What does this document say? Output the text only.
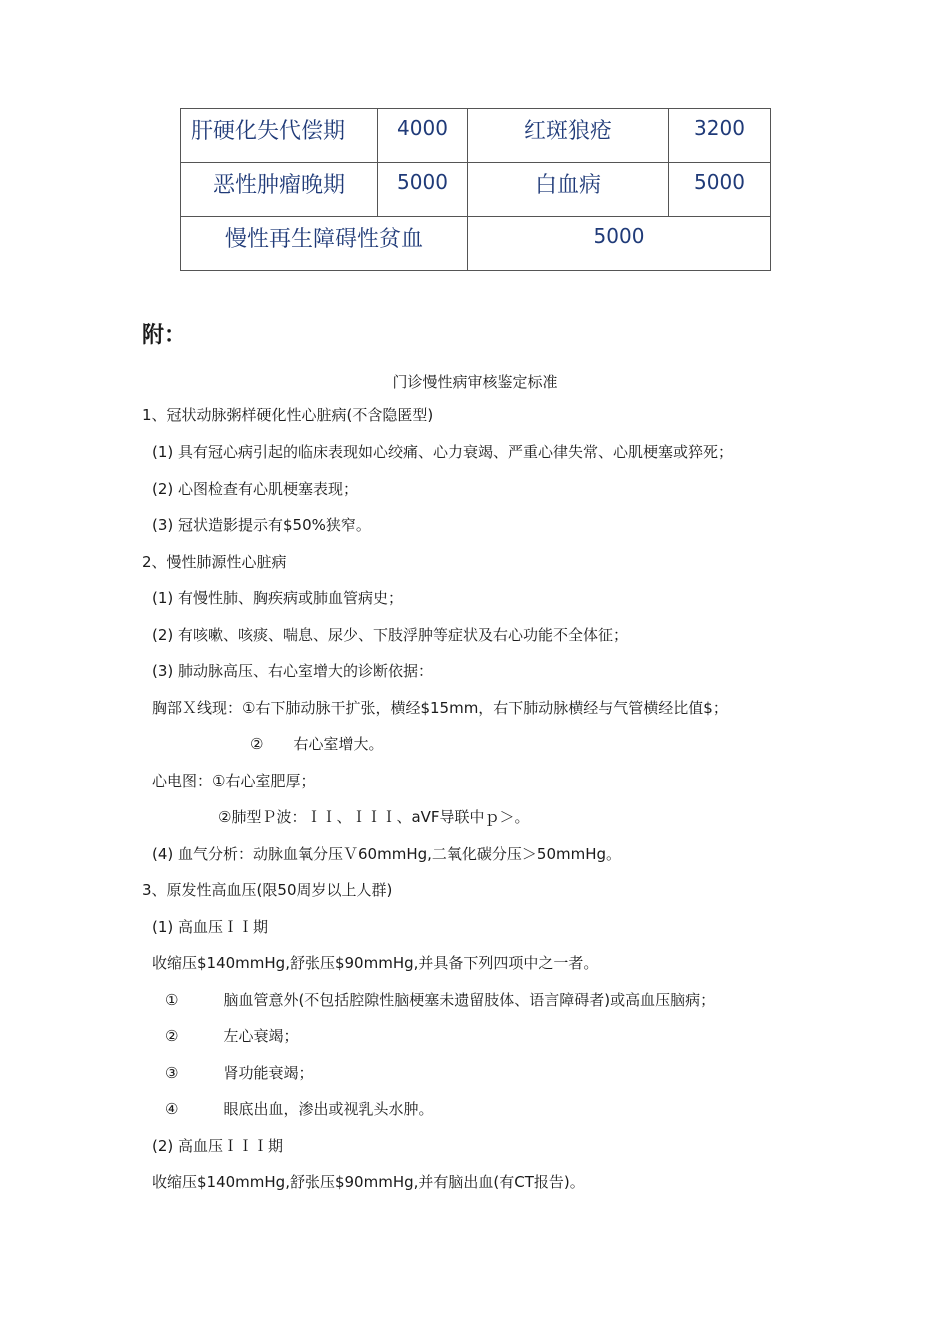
肝硬化失代偿期	4000	红斑狼疮	3200
恶性肿瘤晚期	5000	白血病	5000
慢性再生障碍性贫血		5000	
附：
门诊慢性病审核鉴定标准
1、冠状动脉粥样硬化性心脏病(不含隐匿型)
(1) 具有冠心病引起的临床表现如心绞痛、心力衰竭、严重心律失常、心肌梗塞或猝死；
(2) 心图检查有心肌梗塞表现；
(3) 冠状造影提示有$50%狭窄。
2、慢性肺源性心脏病
(1) 有慢性肺、胸疾病或肺血管病史；
(2) 有咳嗽、咳痰、喘息、尿少、下肢浮肿等症状及右心功能不全体征；
(3) 肺动脉高压、右心室增大的诊断依据：
胸部Ｘ线现：①右下肺动脉干扩张，横经$15mm，右下肺动脉横经与气管横经比值$；
②　　右心室增大。
心电图：①右心室肥厚；
②肺型Ｐ波：ＩＩ、ＩＩＩ、aVF导联中ｐ＞。
(4) 血气分析：动脉血氧分压Ｖ60mmHg,二氧化碳分压＞50mmHg。
3、原发性高血压(限50周岁以上人群)
(1) 高血压ＩＩ期
收缩压$140mmHg,舒张压$90mmHg,并具备下列四项中之一者。
①　　　脑血管意外(不包括腔隙性脑梗塞未遗留肢体、语言障碍者)或高血压脑病；
②　　　左心衰竭；
③　　　肾功能衰竭；
④　　　眼底出血，渗出或视乳头水肿。
(2) 高血压ＩＩＩ期
收缩压$140mmHg,舒张压$90mmHg,并有脑出血(有CT报告)。
